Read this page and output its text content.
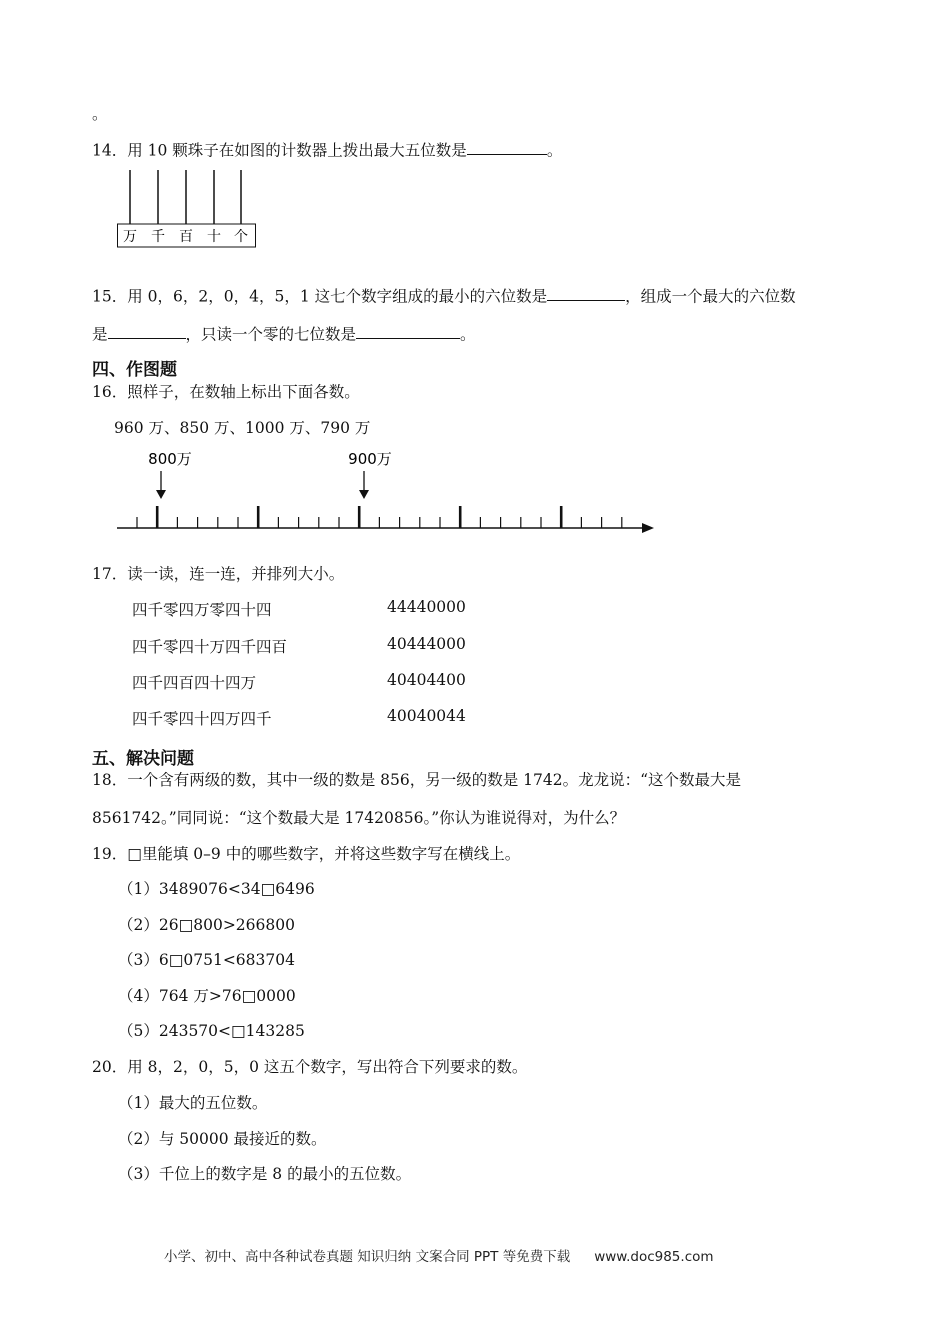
。
14．用 10 颗珠子在如图的计数器上拨出最大五位数是	。
万 千 百 十 个
15．用 0，6，2，0，4，5，1 这七个数字组成的最小的六位数是	，组成一个最大的六位数
是	，只读一个零的七位数是	。
四、作图题
16．照样子，在数轴上标出下面各数。
960 万、850 万、1000 万、790 万
800万	900万
17．读一读，连一连，并排列大小。
四千零四万零四十四
四千零四十万四千四百
四千四百四十四万
四千零四十四万四千
44440000
40444000
40404400
40040044
五、解决问题
18．一个含有两级的数，其中一级的数是 856，另一级的数是 1742。龙龙说：“这个数最大是
8561742。”同同说：“这个数最大是 17420856。”你认为谁说得对，为什么？
19．□里能填 0–9 中的哪些数字，并将这些数字写在横线上。
（1）3489076<34□6496
（2）26□800>266800
（3）6□0751<683704
（4）764 万>76□0000
（5）243570<□143285
20．用 8，2，0，5，0 这五个数字，写出符合下列要求的数。
（1）最大的五位数。
（2）与 50000 最接近的数。
（3）千位上的数字是 8 的最小的五位数。
小学、初中、高中各种试卷真题 知识归纳 文案合同 PPT 等免费下载 www.doc985.com
